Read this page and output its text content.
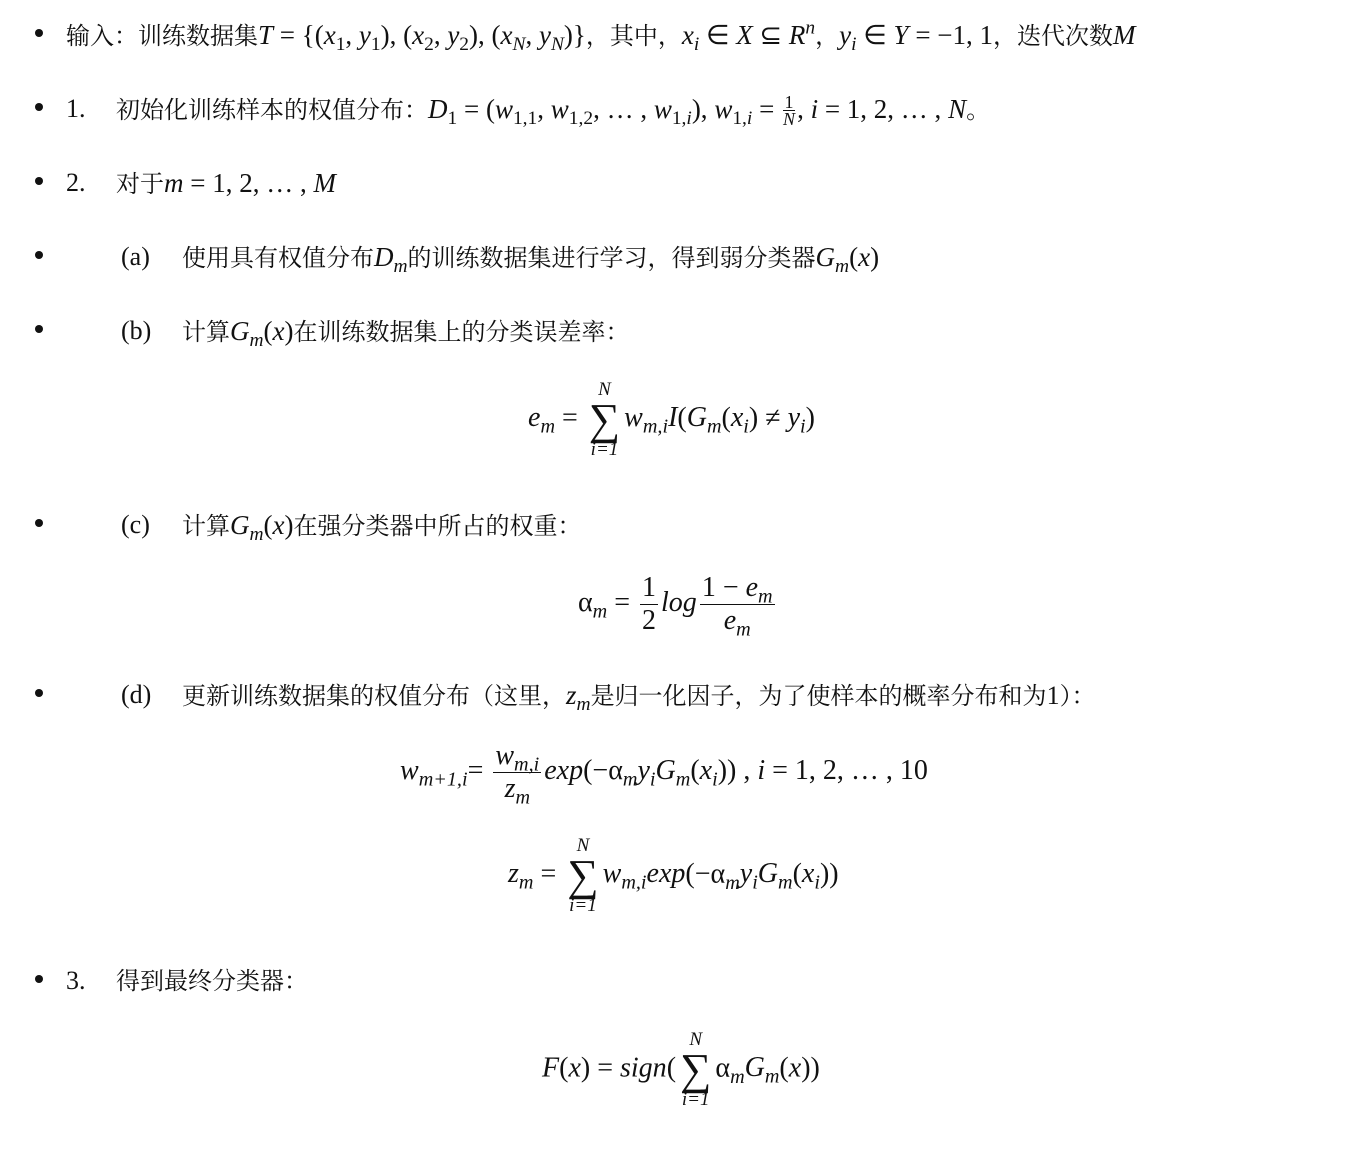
输入：训练数据集$T = \{(x_1$, $y_1$), ($x_2$, $y_2$), ($x_N$, $y_N$)}，其中，$x_i$ ∈ X ⊆ $R^n$，$y_i$ ∈ Y = −1, 1，迭代次数M
1. 初始化训练样本的权值分布：$D_1 = (w_{1,1}$, $w_{1,2}$, … , $w_{1,i}$), $w_{1,i} = \frac{1}{N}$ , i = 1, 2, … , N。
2. 对于m = 1, 2, … , M
(a) 使用具有权值分布$D_m$的训练数据集进行学习，得到弱分类器$G_m(x)$
(b) 计算$G_m(x)$在训练数据集上的分类误差率：
$e_m$ =
N
∑
i=1
$w_{m,i}I(G_m(x_i) \ne y_i)$
(c) 计算$G_m(x)$在强分类器中所占的权重：
$\alpha_m = \frac{1}{2}$ $\log \frac{1 - e_m}{e_m}$
(d) 更新训练数据集的权值分布（这里，$z_m$是归一化因子，为了使样本的概率分布和为1）：
$w_{m+1,i}= \frac{w_{m,i}}{z_m} \exp(-\alpha_my_iG_m(x_i))$ , i = 1, 2, … , 10
$z_m$ =
N
∑
i=1
$w_{m,i}\exp(-\alpha_my_iG_m(x_i))$
3. 得到最终分类器：
F(x) = sign(
N
∑
i=1
$\alpha_mG_m(x)$)
